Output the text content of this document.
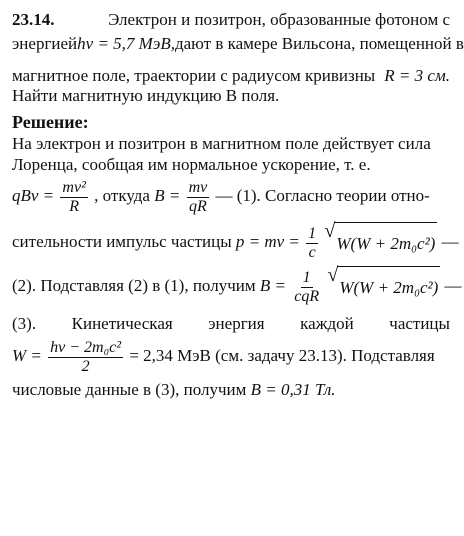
23.14.	Электрон и позитрон, образованные фотоном с
энергией hν = 5,7 МэВ, дают в камере Вильсона, помещенной в
магнитное поле, траектории с радиусом кривизны R = 3 см.
Найти магнитную индукцию B поля.
Решение:
На электрон и позитрон в магнитном поле действует сила
Лоренца, сообщая им нормальное ускорение, т. е.
qBv = $\frac{\text{mv²}}{R}$ , откуда $B = \frac{mv}{qR}$ — (1). Согласно теории отно-
сительности импульс частицы p = mv = $\frac{1}{c}$
√
W(W + 2m₀c²) —
(2). Подставляя (2) в (1), получим $B = \frac{1}{\text{cqR}}$
√
W(W + 2m₀c²) —
(3). Кинетическая энергия каждой частицы
$W = \frac{\text{hν − 2m₀c²}}{2} = 2,34$ МэВ (см. задачу 23.13). Подставляя
числовые данные в (3), получим B = 0,31 Тл.
